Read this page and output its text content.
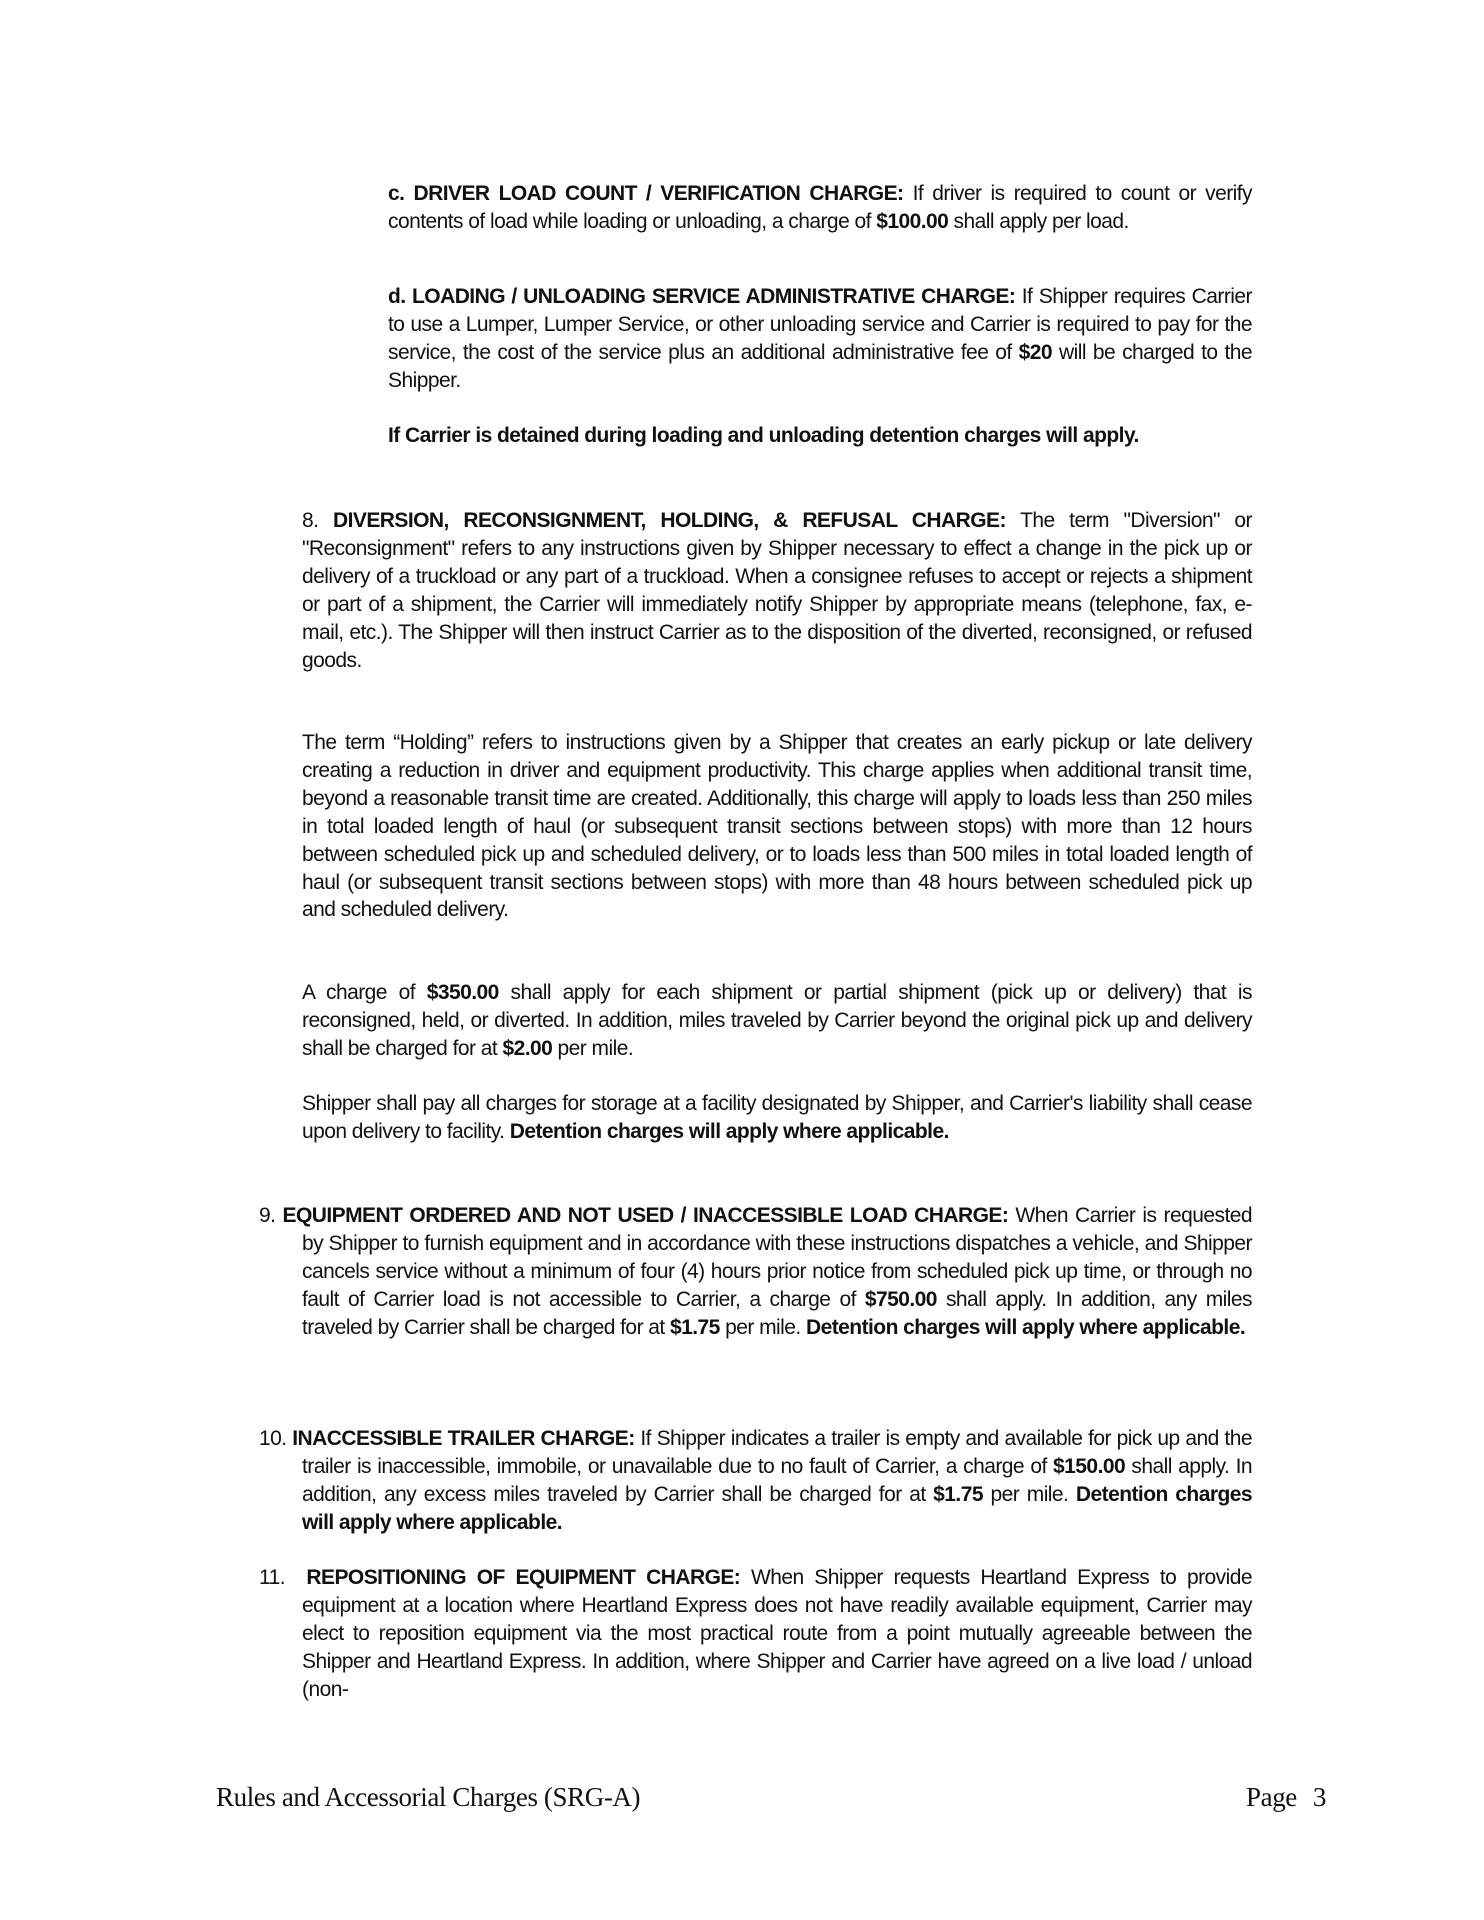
c. DRIVER LOAD COUNT / VERIFICATION CHARGE: If driver is required to count or verify contents of load while loading or unloading, a charge of $100.00 shall apply per load.

d. LOADING / UNLOADING SERVICE ADMINISTRATIVE CHARGE: If Shipper requires Carrier to use a Lumper, Lumper Service, or other unloading service and Carrier is required to pay for the service, the cost of the service plus an additional administrative fee of $20 will be charged to the Shipper.

If Carrier is detained during loading and unloading detention charges will apply.

8. DIVERSION, RECONSIGNMENT, HOLDING, & REFUSAL CHARGE: The term "Diversion" or "Reconsignment" refers to any instructions given by Shipper necessary to effect a change in the pick up or delivery of a truckload or any part of a truckload. When a consignee refuses to accept or rejects a shipment or part of a shipment, the Carrier will immediately notify Shipper by appropriate means (telephone, fax, e-mail, etc.). The Shipper will then instruct Carrier as to the disposition of the diverted, reconsigned, or refused goods.

The term “Holding” refers to instructions given by a Shipper that creates an early pickup or late delivery creating a reduction in driver and equipment productivity. This charge applies when additional transit time, beyond a reasonable transit time are created. Additionally, this charge will apply to loads less than 250 miles in total loaded length of haul (or subsequent transit sections between stops) with more than 12 hours between scheduled pick up and scheduled delivery, or to loads less than 500 miles in total loaded length of haul (or subsequent transit sections between stops) with more than 48 hours between scheduled pick up and scheduled delivery.

A charge of $350.00 shall apply for each shipment or partial shipment (pick up or delivery) that is reconsigned, held, or diverted. In addition, miles traveled by Carrier beyond the original pick up and delivery shall be charged for at $2.00 per mile.

Shipper shall pay all charges for storage at a facility designated by Shipper, and Carrier's liability shall cease upon delivery to facility. Detention charges will apply where applicable.

9. EQUIPMENT ORDERED AND NOT USED / INACCESSIBLE LOAD CHARGE: When Carrier is requested by Shipper to furnish equipment and in accordance with these instructions dispatches a vehicle, and Shipper cancels service without a minimum of four (4) hours prior notice from scheduled pick up time, or through no fault of Carrier load is not accessible to Carrier, a charge of $750.00 shall apply. In addition, any miles traveled by Carrier shall be charged for at $1.75 per mile. Detention charges will apply where applicable.

10. INACCESSIBLE TRAILER CHARGE: If Shipper indicates a trailer is empty and available for pick up and the trailer is inaccessible, immobile, or unavailable due to no fault of Carrier, a charge of $150.00 shall apply. In addition, any excess miles traveled by Carrier shall be charged for at $1.75 per mile. Detention charges will apply where applicable.

11. REPOSITIONING OF EQUIPMENT CHARGE: When Shipper requests Heartland Express to provide equipment at a location where Heartland Express does not have readily available equipment, Carrier may elect to reposition equipment via the most practical route from a point mutually agreeable between the Shipper and Heartland Express. In addition, where Shipper and Carrier have agreed on a live load / unload (non-

Rules and Accessorial Charges (SRG-A)	Page 3
